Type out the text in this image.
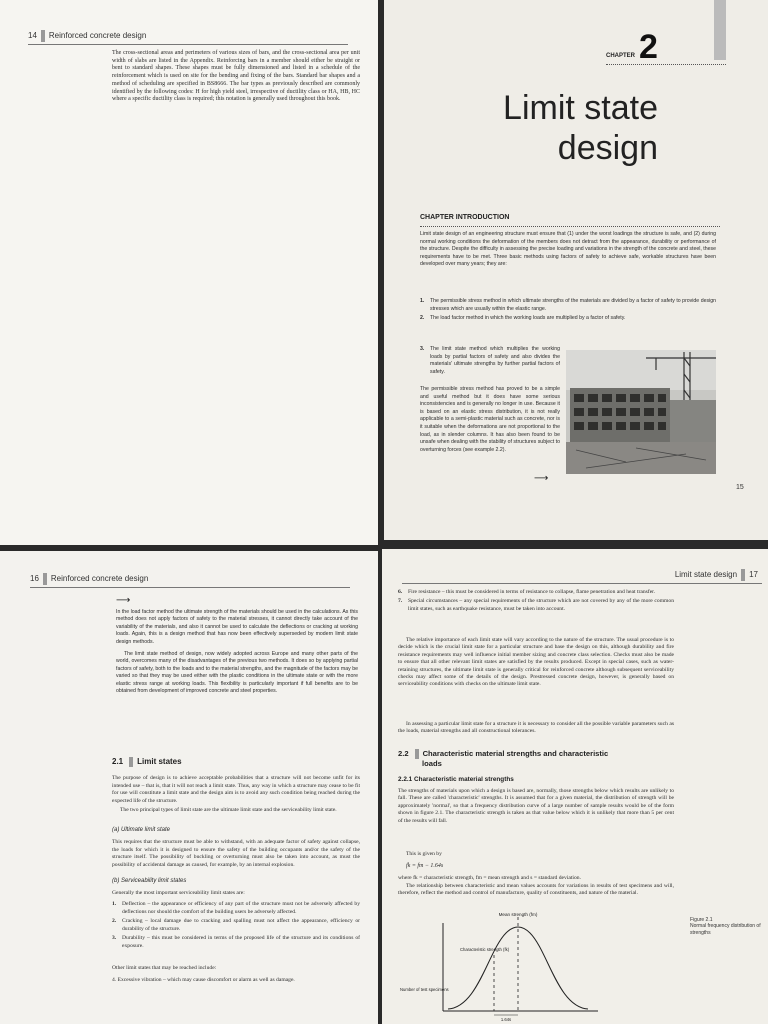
14 Reinforced concrete design
The cross-sectional areas and perimeters of various sizes of bars, and the cross-sectional area per unit width of slabs are listed in the Appendix. Reinforcing bars in a member should either be straight or bent to standard shapes. These shapes must be fully dimensioned and listed in a schedule of the reinforcement which is used on site for the bending and fixing of the bars. Standard bar shapes and a method of scheduling are specified in BS8666. The bar types as previously described are commonly identified by the following codes: H for high yield steel, irrespective of ductility class or HA, HB, HC where a specific ductility class is required; this notation is generally used throughout this book.
CHAPTER 2
Limit state
design
CHAPTER INTRODUCTION
Limit state design of an engineering structure must ensure that (1) under the worst loadings the structure is safe, and (2) during normal working conditions the deformation of the members does not detract from the appearance, durability or performance of the structure. Despite the difficulty in assessing the precise loading and variations in the strength of the concrete and steel, these requirements have to be met. Three basic methods using factors of safety to achieve safe, workable structures have been developed over many years; they are:
1.	The permissible stress method in which ultimate strengths of the materials are divided by a factor of safety to provide design stresses which are usually within the elastic range.
2.	The load factor method in which the working loads are multiplied by a factor of safety.
3.	The limit state method which multiplies the working loads by partial factors of safety and also divides the materials' ultimate strengths by further partial factors of safety.
The permissible stress method has proved to be a simple and useful method but it does have some serious inconsistencies and is generally no longer in use. Because it is based on an elastic stress distribution, it is not really applicable to a semi-plastic material such as concrete, nor is it suitable when the deformations are not proportional to the load, as in slender columns. It has also been found to be unsafe when dealing with the stability of structures subject to overturning forces (see example 2.2).
⟶
15
16 Reinforced concrete design
⟶
In the load factor method the ultimate strength of the materials should be used in the calculations. As this method does not apply factors of safety to the material stresses, it cannot directly take account of the variability of the materials, and also it cannot be used to calculate the deflections or cracking at working loads. Again, this is a design method that has now been effectively superseded by modern limit state design methods.
The limit state method of design, now widely adopted across Europe and many other parts of the world, overcomes many of the disadvantages of the previous two methods. It does so by applying partial factors of safety, both to the loads and to the material strengths, and the magnitude of the factors may be varied so that they may be used either with the plastic conditions in the ultimate state or with the more elastic stress range at working loads. This flexibility is particularly important if full benefits are to be obtained from development of improved concrete and steel properties.
2.1 Limit states
The purpose of design is to achieve acceptable probabilities that a structure will not become unfit for its intended use – that is, that it will not reach a limit state. Thus, any way in which a structure may cease to be fit for use will constitute a limit state and the design aim is to avoid any such condition being reached during the expected life of the structure.
The two principal types of limit state are the ultimate limit state and the serviceability limit state.
(a) Ultimate limit state
This requires that the structure must be able to withstand, with an adequate factor of safety against collapse, the loads for which it is designed to ensure the safety of the building occupants and/or the safety of the structure itself. The possibility of buckling or overturning must also be taken into account, as must the possibility of accidental damage as caused, for example, by an internal explosion.
(b) Serviceability limit states
Generally the most important serviceability limit states are:
1.	Deflection – the appearance or efficiency of any part of the structure must not be adversely affected by deflections nor should the comfort of the building users be adversely affected.
2.	Cracking – local damage due to cracking and spalling must not affect the appearance, efficiency or durability of the structure.
3.	Durability – this must be considered in terms of the proposed life of the structure and its conditions of exposure.
Other limit states that may be reached include:
4. Excessive vibration – which may cause discomfort or alarm as well as damage.
Limit state design 17
6.	Fire resistance – this must be considered in terms of resistance to collapse, flame penetration and heat transfer.
7.	Special circumstances – any special requirements of the structure which are not covered by any of the more common limit states, such as earthquake resistance, must be taken into account.
The relative importance of each limit state will vary according to the nature of the structure. The usual procedure is to decide which is the crucial limit state for a particular structure and base the design on this, although durability and fire resistance requirements may well influence initial member sizing and concrete class selection. Checks must also be made to ensure that all other relevant limit states are satisfied by the results produced. Except in special cases, such as water-retaining structures, the ultimate limit state is generally critical for reinforced concrete although subsequent serviceability checks may affect some of the details of the design. Prestressed concrete design, however, is generally based on serviceability conditions with checks on the ultimate limit state.
In assessing a particular limit state for a structure it is necessary to consider all the possible variable parameters such as the loads, material strengths and all constructional tolerances.
2.2 Characteristic material strengths and characteristic
loads
2.2.1 Characteristic material strengths
The strengths of materials upon which a design is based are, normally, those strengths below which results are unlikely to fall. These are called 'characteristic' strengths. It is assumed that for a given material, the distribution of strength will be approximately 'normal', so that a frequency distribution curve of a large number of sample results would be of the form shown in figure 2.1. The characteristic strength is taken as that value below which it is unlikely that more than 5 per cent of the results will fall.
This is given by
fk = fm − 1.64s
where fk = characteristic strength, fm = mean strength and s = standard deviation.
The relationship between characteristic and mean values accounts for variations in results of test specimens and will, therefore, reflect the method and control of manufacture, quality of constituents, and nature of the material.
Mean strength (fm)
Characteristic strength (fk)
Number of test specimens
1.64s
Figure 2.1
Normal frequency distribution of strengths
